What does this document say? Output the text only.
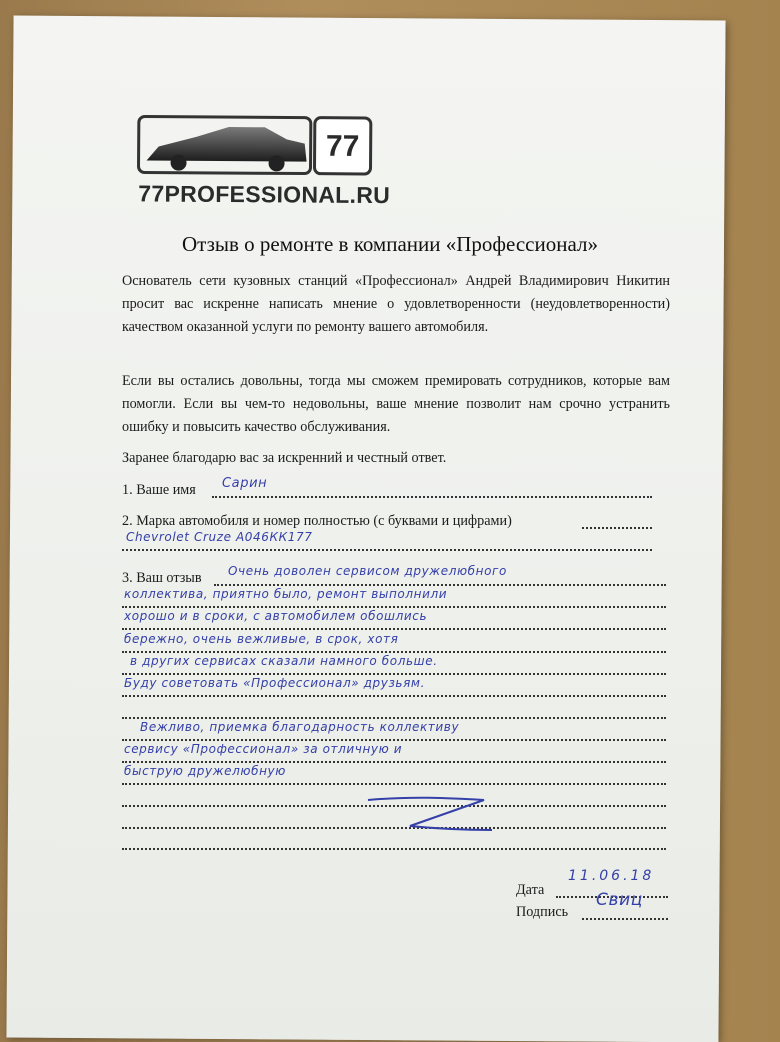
77
77PROFESSIONAL.RU
Отзыв о ремонте в компании «Профессионал»
Основатель сети кузовных станций «Профессионал» Андрей Владимирович Никитин просит вас искренне написать мнение о удовлетворенности (неудовлетворенности) качеством оказанной услуги по ремонту вашего автомобиля.
Если вы остались довольны, тогда мы сможем премировать сотрудников, которые вам помогли. Если вы чем-то недовольны, ваше мнение позволит нам срочно устранить ошибку и повысить качество обслуживания.
Заранее благодарю вас за искренний и честный ответ.
1. Ваше имя Сарин
2. Марка автомобиля и номер полностью (с буквами и цифрами)
Chevrolet Cruze A046КК177
3. Ваш отзыв Очень доволен сервисом дружелюбного
коллектива, приятно было, ремонт выполнили
хорошо и в сроки, с автомобилем обошлись
бережно, очень вежливые, в срок, хотя
в других сервисах сказали намного больше.
Буду советовать «Профессионал» друзьям.
Вежливо, приемка благодарность коллективу
сервису «Профессионал» за отличную и
быструю дружелюбную
Дата
11.06.18
Подпись
Свиц
